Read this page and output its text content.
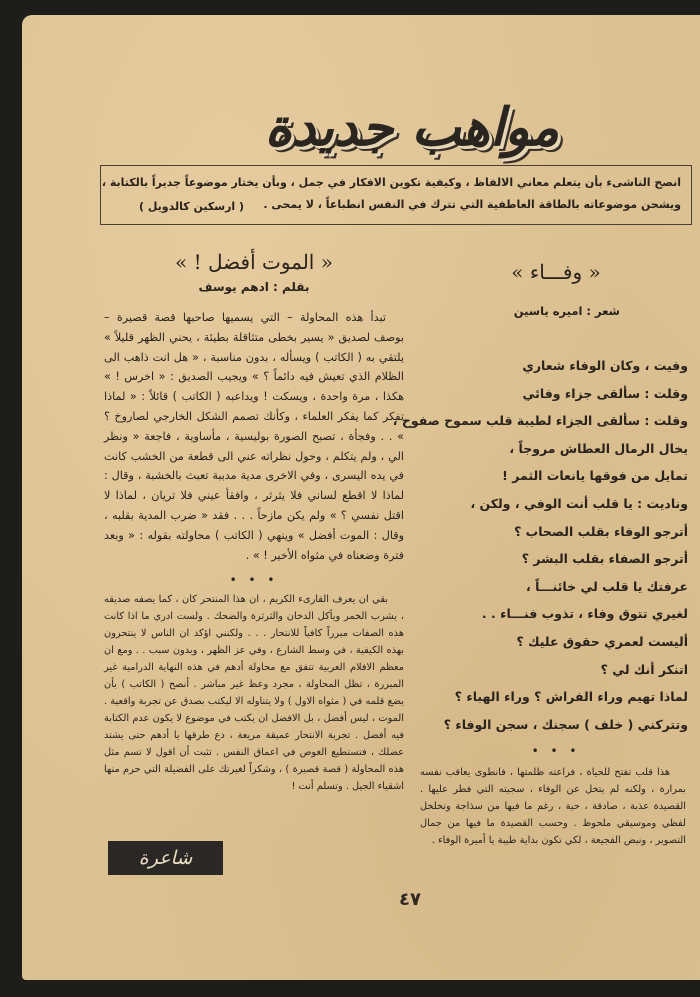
مواهب جديدة
انصح الناشىء بأن يتعلم معاني الالفاظ ، وكيفية تكوين الافكار في جمل ، وبأن يختار موضوعاً جديراً بالكتابة ،
ويشحن موضوعاته بالطاقة العاطفية التي تترك في النفس انطباعاً ، لا يمحى .
( ارسكين كالدويل )
« الموت أفضل ! »
بقلم : ادهم يوسف

تبدأ هذه المحاولة – التي يسميها صاحبها قصة قصيرة – بوصف لصديق « يسير بخطى متثاقلة بطيئة ، يحني الظهر قليلاً » يلتقي به ( الكاتب ) ويسأله ، بدون مناسبة ، « هل انت ذاهب الى الظلام الذي تعيش فيه دائماً ؟ » ويجيب الصديق : « اخرس ! » هكذا ، مرة واحدة ، ويسكت ! ويداعبه ( الكاتب ) قائلاً : « لماذا تفكر كما يفكر العلماء ، وكأنك تصمم الشكل الخارجي لصاروخ ؟ » . . وفجأة ، تصبح الصورة بوليسية ، مأساوية ، فاجعة « ونظر الي ، ولم يتكلم ، وحول نظراته عني الى قطعة من الخشب كانت في يده اليسرى ، وفي الاخرى مدية مدببة تعبث بالخشبة ، وقال : لماذا لا اقطع لساني فلا يثرثر ، وافقأ عيني فلا تريان ، لماذا لا اقتل نفسي ؟ » ولم يكن مازحاً . . . فقد « ضرب المدية بقلبه ، وقال : الموت أفضل » وينهي ( الكاتب ) محاولته بقوله : « وبعد فترة وضعناه في مثواه الأخير ! » .

• • •

بقي ان يعرف القارىء الكريم ، ان هذا المنتحر كان ، كما يصفه صديقه ، يشرب الخمر ويأكل الدخان والثرثرة والضحك . ولست ادري ما اذا كانت هذه الصفات مبرراً كافياً للانتحار . . . ولكنني اؤكد ان الناس لا ينتحرون بهذه الكيفية ، في وسط الشارع ، وفي عز الظهر ، وبدون سبب . . ومع ان معظم الافلام العربية تتفق مع محاولة أدهم في هذه النهاية الدرامية غير المبررة ، تظل المحاولة ، مجرد وعظ غير مباشر . أنصح ( الكاتب ) بأن يضع قلمه في ( مثواه الاول ) ولا يتناوله الا ليكتب بصدق عن تجربة واقعية . الموت ، ليس أفضل ، بل الافضل ان يكتب في موضوع لا يكون عدم الكتابة فيه أفضل . تجربة الانتحار عميقة مريعة ، دع طرقها يا أدهم حتى يشتد عضلك ، فتستطيع الغوص في اعماق النفس . تثبت أن اقول لا تسم مثل هذه المحاولة ( قصة قصيرة ) ، وشكراً لغيرتك على الفضيلة التي حرم منها اشقياء الجيل . وتسلم أنت !

شاعرة
« وفـــاء »
شعر : اميره ياسين
وفيت ، وكان الوفاء شعاري
وقلت : سألقى جزاء وفائي
وقلت : سألقى الجزاء لطيبة قلب سموح صفوح ،
يخال الرمال العطاش مروجاً ،
تمايل من فوقها يانعات الثمر !
وناديت : يا قلب أنت الوفي ، ولكن ،
أترجو الوفاء بقلب الصحاب ؟
أترجو الصفاء بقلب البشر ؟
عرفتك يا قلب لي خائنـــاً ،
لغيري تتوق وفاء ، تذوب فنـــاء . .
أليست لعمري حقوق عليك ؟
اتنكر أنك لي ؟
لماذا تهيم وراء الفراش ؟ وراء الهباء ؟
وتتركني ( خلف ) سجنك ، سجن الوفاء ؟
• • •

هذا قلب تفتح للحياة ، فراعته ظلمتها ، فانطوى يعاقب نفسه بمرارة ، ولكنه لم يتخل عن الوفاء ، سجيته التي فطر عليها . القصيدة عذبة ، صادقة ، حية ، رغم ما فيها من سذاجة وتخلخل لفظي وموسيقي ملحوظ . وحسب القصيدة ما فيها من جمال التصوير ، ونبض الفجيعة ، لكي تكون بداية طيبة يا أميرة الوفاء .

٤٧
